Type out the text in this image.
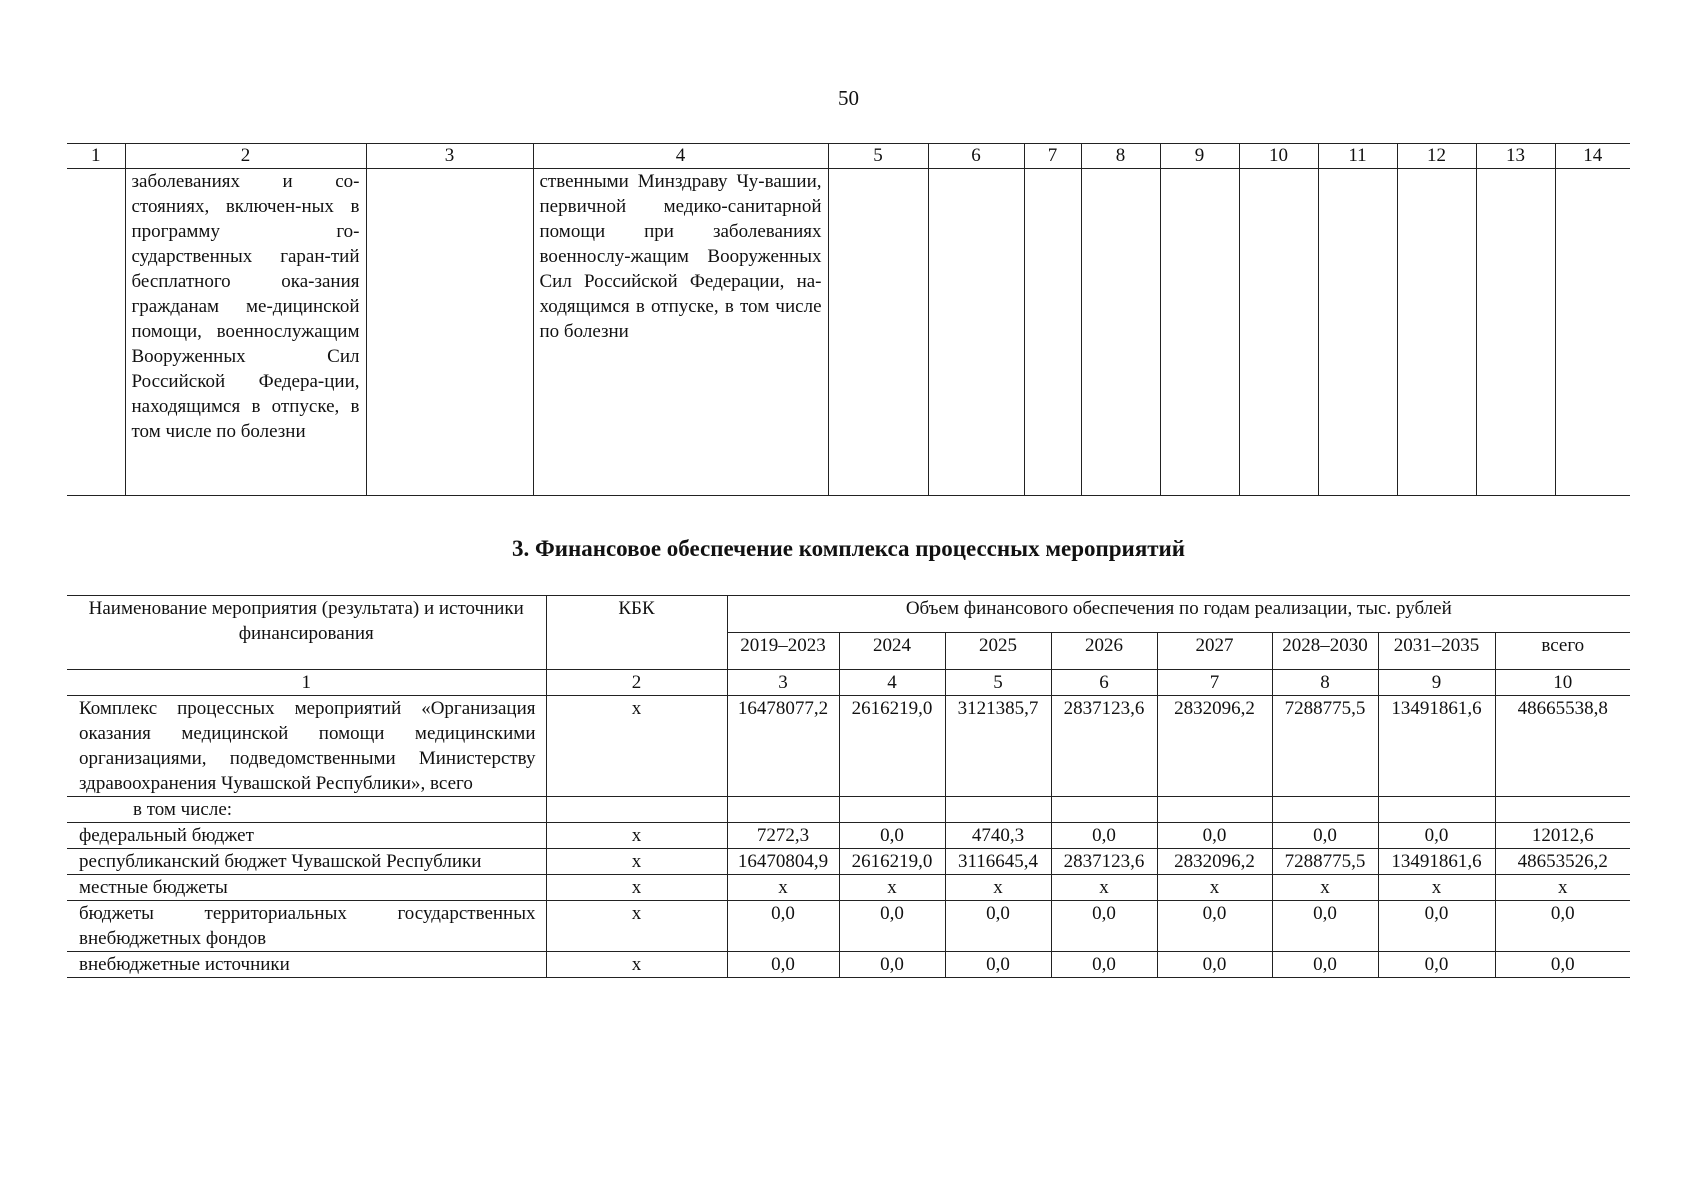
50
1	2	3	4	5	6	7	8	9	10	11	12	13	14
	заболеваниях и со-стояниях, включен-ных в программу го-сударственных гаран-тий бесплатного ока-зания гражданам ме-дицинской помощи, военнослужащим Вооруженных Сил Российской Федера-ции, находящимся в отпуске, в том числе по болезни		ственными Минздраву Чу-вашии, первичной медико-санитарной помощи при заболеваниях военнослу-жащим Вооруженных Сил Российской Федерации, на-ходящимся в отпуске, в том числе по болезни										
3. Финансовое обеспечение комплекса процессных мероприятий
Наименование мероприятия (результата) и источники финансирования	КБК	Объем финансового обеспечения по годам реализации, тыс. рублей							
		2019–2023	2024	2025	2026	2027	2028–2030	2031–2035	всего
1	2	3	4	5	6	7	8	9	10
Комплекс процессных мероприятий «Организация оказания медицинской помощи медицинскими организациями, подведомственными Министерству здравоохранения Чувашской Республики», всего	x	16478077,2	2616219,0	3121385,7	2837123,6	2832096,2	7288775,5	13491861,6	48665538,8
в том числе:									
федеральный бюджет	x	7272,3	0,0	4740,3	0,0	0,0	0,0	0,0	12012,6
республиканский бюджет Чувашской Республики	x	16470804,9	2616219,0	3116645,4	2837123,6	2832096,2	7288775,5	13491861,6	48653526,2
местные бюджеты	x	x	x	x	x	x	x	x	x
бюджеты территориальных государственных внебюджетных фондов	x	0,0	0,0	0,0	0,0	0,0	0,0	0,0	0,0
внебюджетные источники	x	0,0	0,0	0,0	0,0	0,0	0,0	0,0	0,0
